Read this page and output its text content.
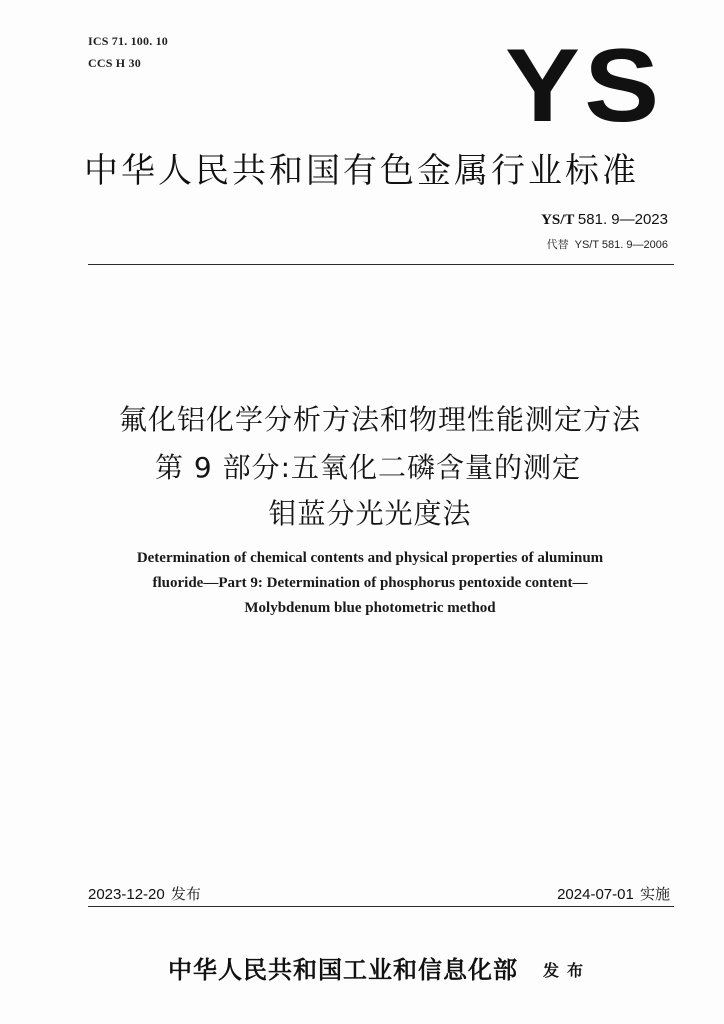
ICS 71. 100. 10
CCS H 30	YS
中华人民共和国有色金属行业标准
YS/T 581. 9—2023
代替 YS/T 581. 9—2006
氟化铝化学分析方法和物理性能测定方法
第 9 部分:五氧化二磷含量的测定
钼蓝分光光度法
Determination of chemical contents and physical properties of aluminum
fluoride—Part 9: Determination of phosphorus pentoxide content—
Molybdenum blue photometric method
2023-12-20 发布	2024-07-01 实施
中华人民共和国工业和信息化部 发布
